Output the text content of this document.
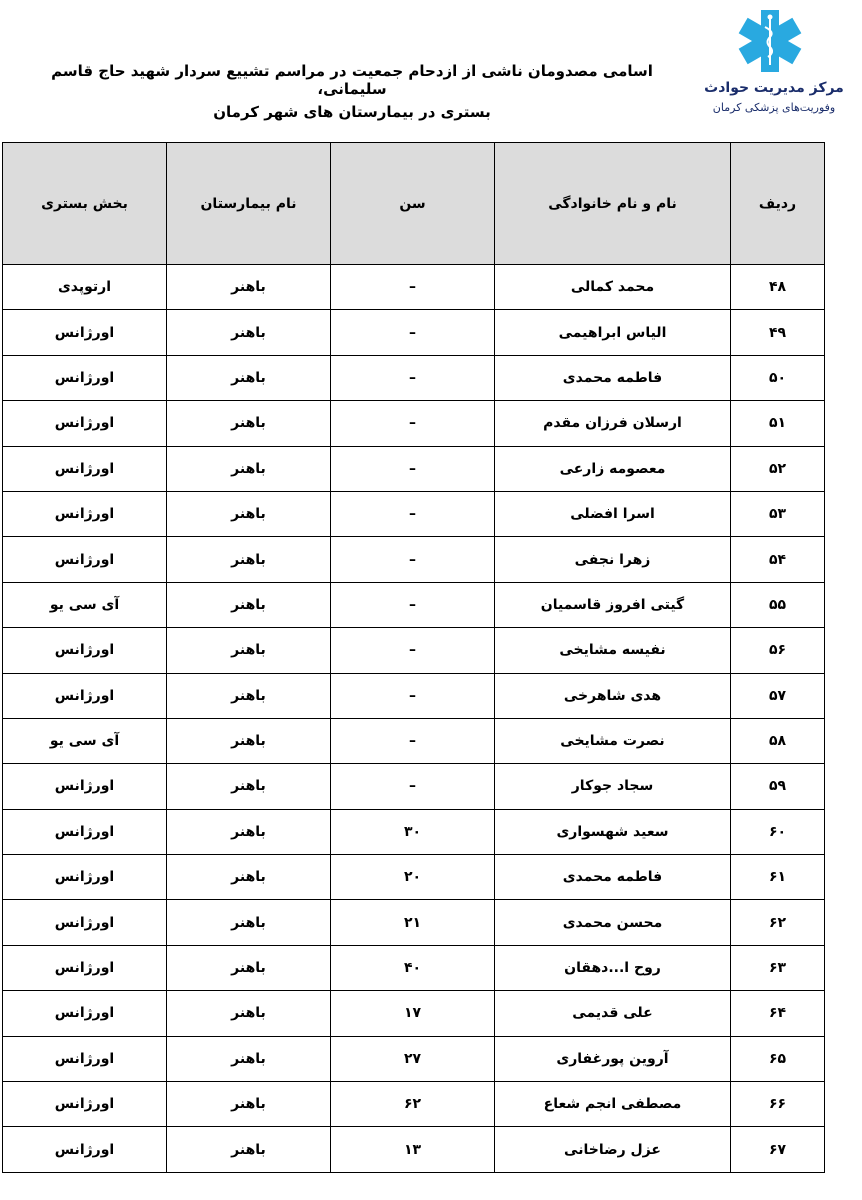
مرکز مدیریت حوادث
وفوریت‌های پزشکی کرمان
اسامی مصدومان ناشی از ازدحام جمعیت در مراسم تشییع سردار شهید حاج قاسم سلیمانی،
بستری در بیمارستان های شهر کرمان
ردیف	نام و نام خانوادگی	سن	نام بیمارستان	بخش بستری
۴۸	محمد کمالی	–	باهنر	ارتوپدی
۴۹	الیاس ابراهیمی	–	باهنر	اورژانس
۵۰	فاطمه محمدی	–	باهنر	اورژانس
۵۱	ارسلان فرزان مقدم	–	باهنر	اورژانس
۵۲	معصومه زارعی	–	باهنر	اورژانس
۵۳	اسرا افضلی	–	باهنر	اورژانس
۵۴	زهرا نجفی	–	باهنر	اورژانس
۵۵	گیتی افروز قاسمیان	–	باهنر	آی سی یو
۵۶	نفیسه مشایخی	–	باهنر	اورژانس
۵۷	هدی شاهرخی	–	باهنر	اورژانس
۵۸	نصرت مشایخی	–	باهنر	آی سی یو
۵۹	سجاد جوکار	–	باهنر	اورژانس
۶۰	سعید شهسواری	۳۰	باهنر	اورژانس
۶۱	فاطمه محمدی	۲۰	باهنر	اورژانس
۶۲	محسن محمدی	۲۱	باهنر	اورژانس
۶۳	روح ا...دهقان	۴۰	باهنر	اورژانس
۶۴	علی قدیمی	۱۷	باهنر	اورژانس
۶۵	آروین پورغفاری	۲۷	باهنر	اورژانس
۶۶	مصطفی انجم شعاع	۶۲	باهنر	اورژانس
۶۷	عزل رضاخانی	۱۳	باهنر	اورژانس
